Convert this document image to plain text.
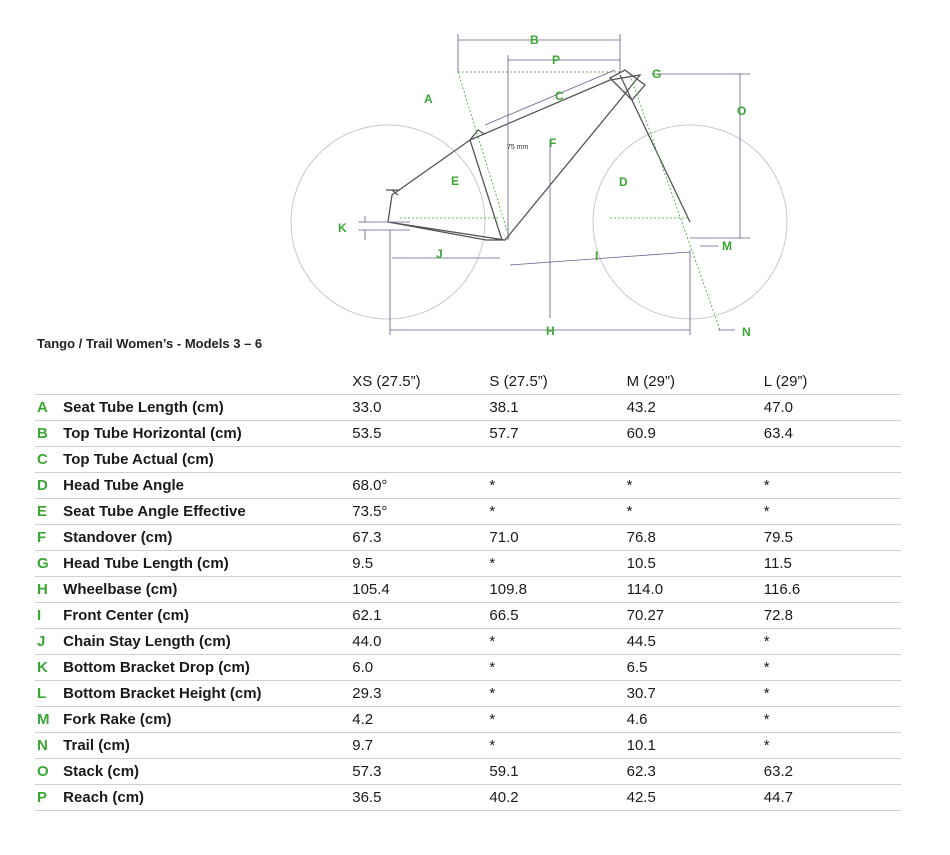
B
P
A	C
G
O
F
75 mm
E	D
K
M
J	I
H	N
Tango / Trail Women’s - Models 3 – 6
		XS (27.5”)	S (27.5”)	M (29”)	L (29”)
A	Seat Tube Length (cm)	33.0	38.1	43.2	47.0
B	Top Tube Horizontal (cm)	53.5	57.7	60.9	63.4
C	Top Tube Actual (cm)				
D	Head Tube Angle	68.0°	*	*	*
E	Seat Tube Angle Effective	73.5°	*	*	*
F	Standover (cm)	67.3	71.0	76.8	79.5
G	Head Tube Length (cm)	9.5	*	10.5	11.5
H	Wheelbase (cm)	105.4	109.8	114.0	116.6
I	Front Center (cm)	62.1	66.5	70.27	72.8
J	Chain Stay Length (cm)	44.0	*	44.5	*
K	Bottom Bracket Drop (cm)	6.0	*	6.5	*
L	Bottom Bracket Height (cm)	29.3	*	30.7	*
M	Fork Rake (cm)	4.2	*	4.6	*
N	Trail (cm)	9.7	*	10.1	*
O	Stack (cm)	57.3	59.1	62.3	63.2
P	Reach (cm)	36.5	40.2	42.5	44.7
